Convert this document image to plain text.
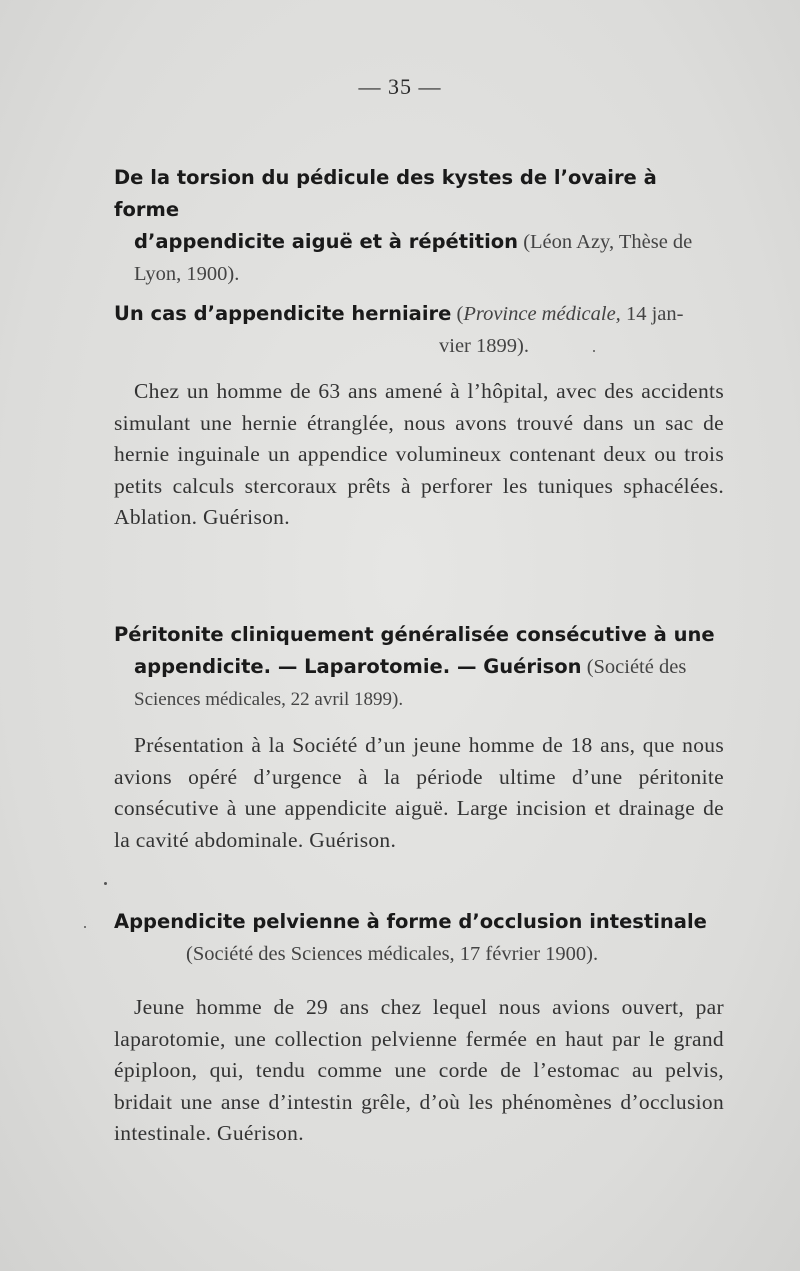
— 35 —

De la torsion du pédicule des kystes de l’ovaire à forme
d’appendicite aiguë et à répétition (Léon Azy, Thèse de
Lyon, 1900).

Un cas d’appendicite herniaire (Province médicale, 14 jan-

vier 1899).

Chez un homme de 63 ans amené à l’hôpital, avec des accidents simulant une hernie étranglée, nous avons trouvé dans un sac de hernie inguinale un appendice volumineux contenant deux ou trois petits calculs stercoraux prêts à perforer les tuniques sphacélées. Ablation. Guérison.

Péritonite cliniquement généralisée consécutive à une
appendicite. — Laparotomie. — Guérison (Société des
Sciences médicales, 22 avril 1899).

Présentation à la Société d’un jeune homme de 18 ans, que nous avions opéré d’urgence à la période ultime d’une péritonite consécutive à une appendicite aiguë. Large incision et drainage de la cavité abdominale. Guérison.

Appendicite pelvienne à forme d’occlusion intestinale

(Société des Sciences médicales, 17 février 1900).

Jeune homme de 29 ans chez lequel nous avions ouvert, par laparotomie, une collection pelvienne fermée en haut par le grand épiploon, qui, tendu comme une corde de l’estomac au pelvis, bridait une anse d’intestin grêle, d’où les phénomènes d’occlusion intestinale. Guérison.
